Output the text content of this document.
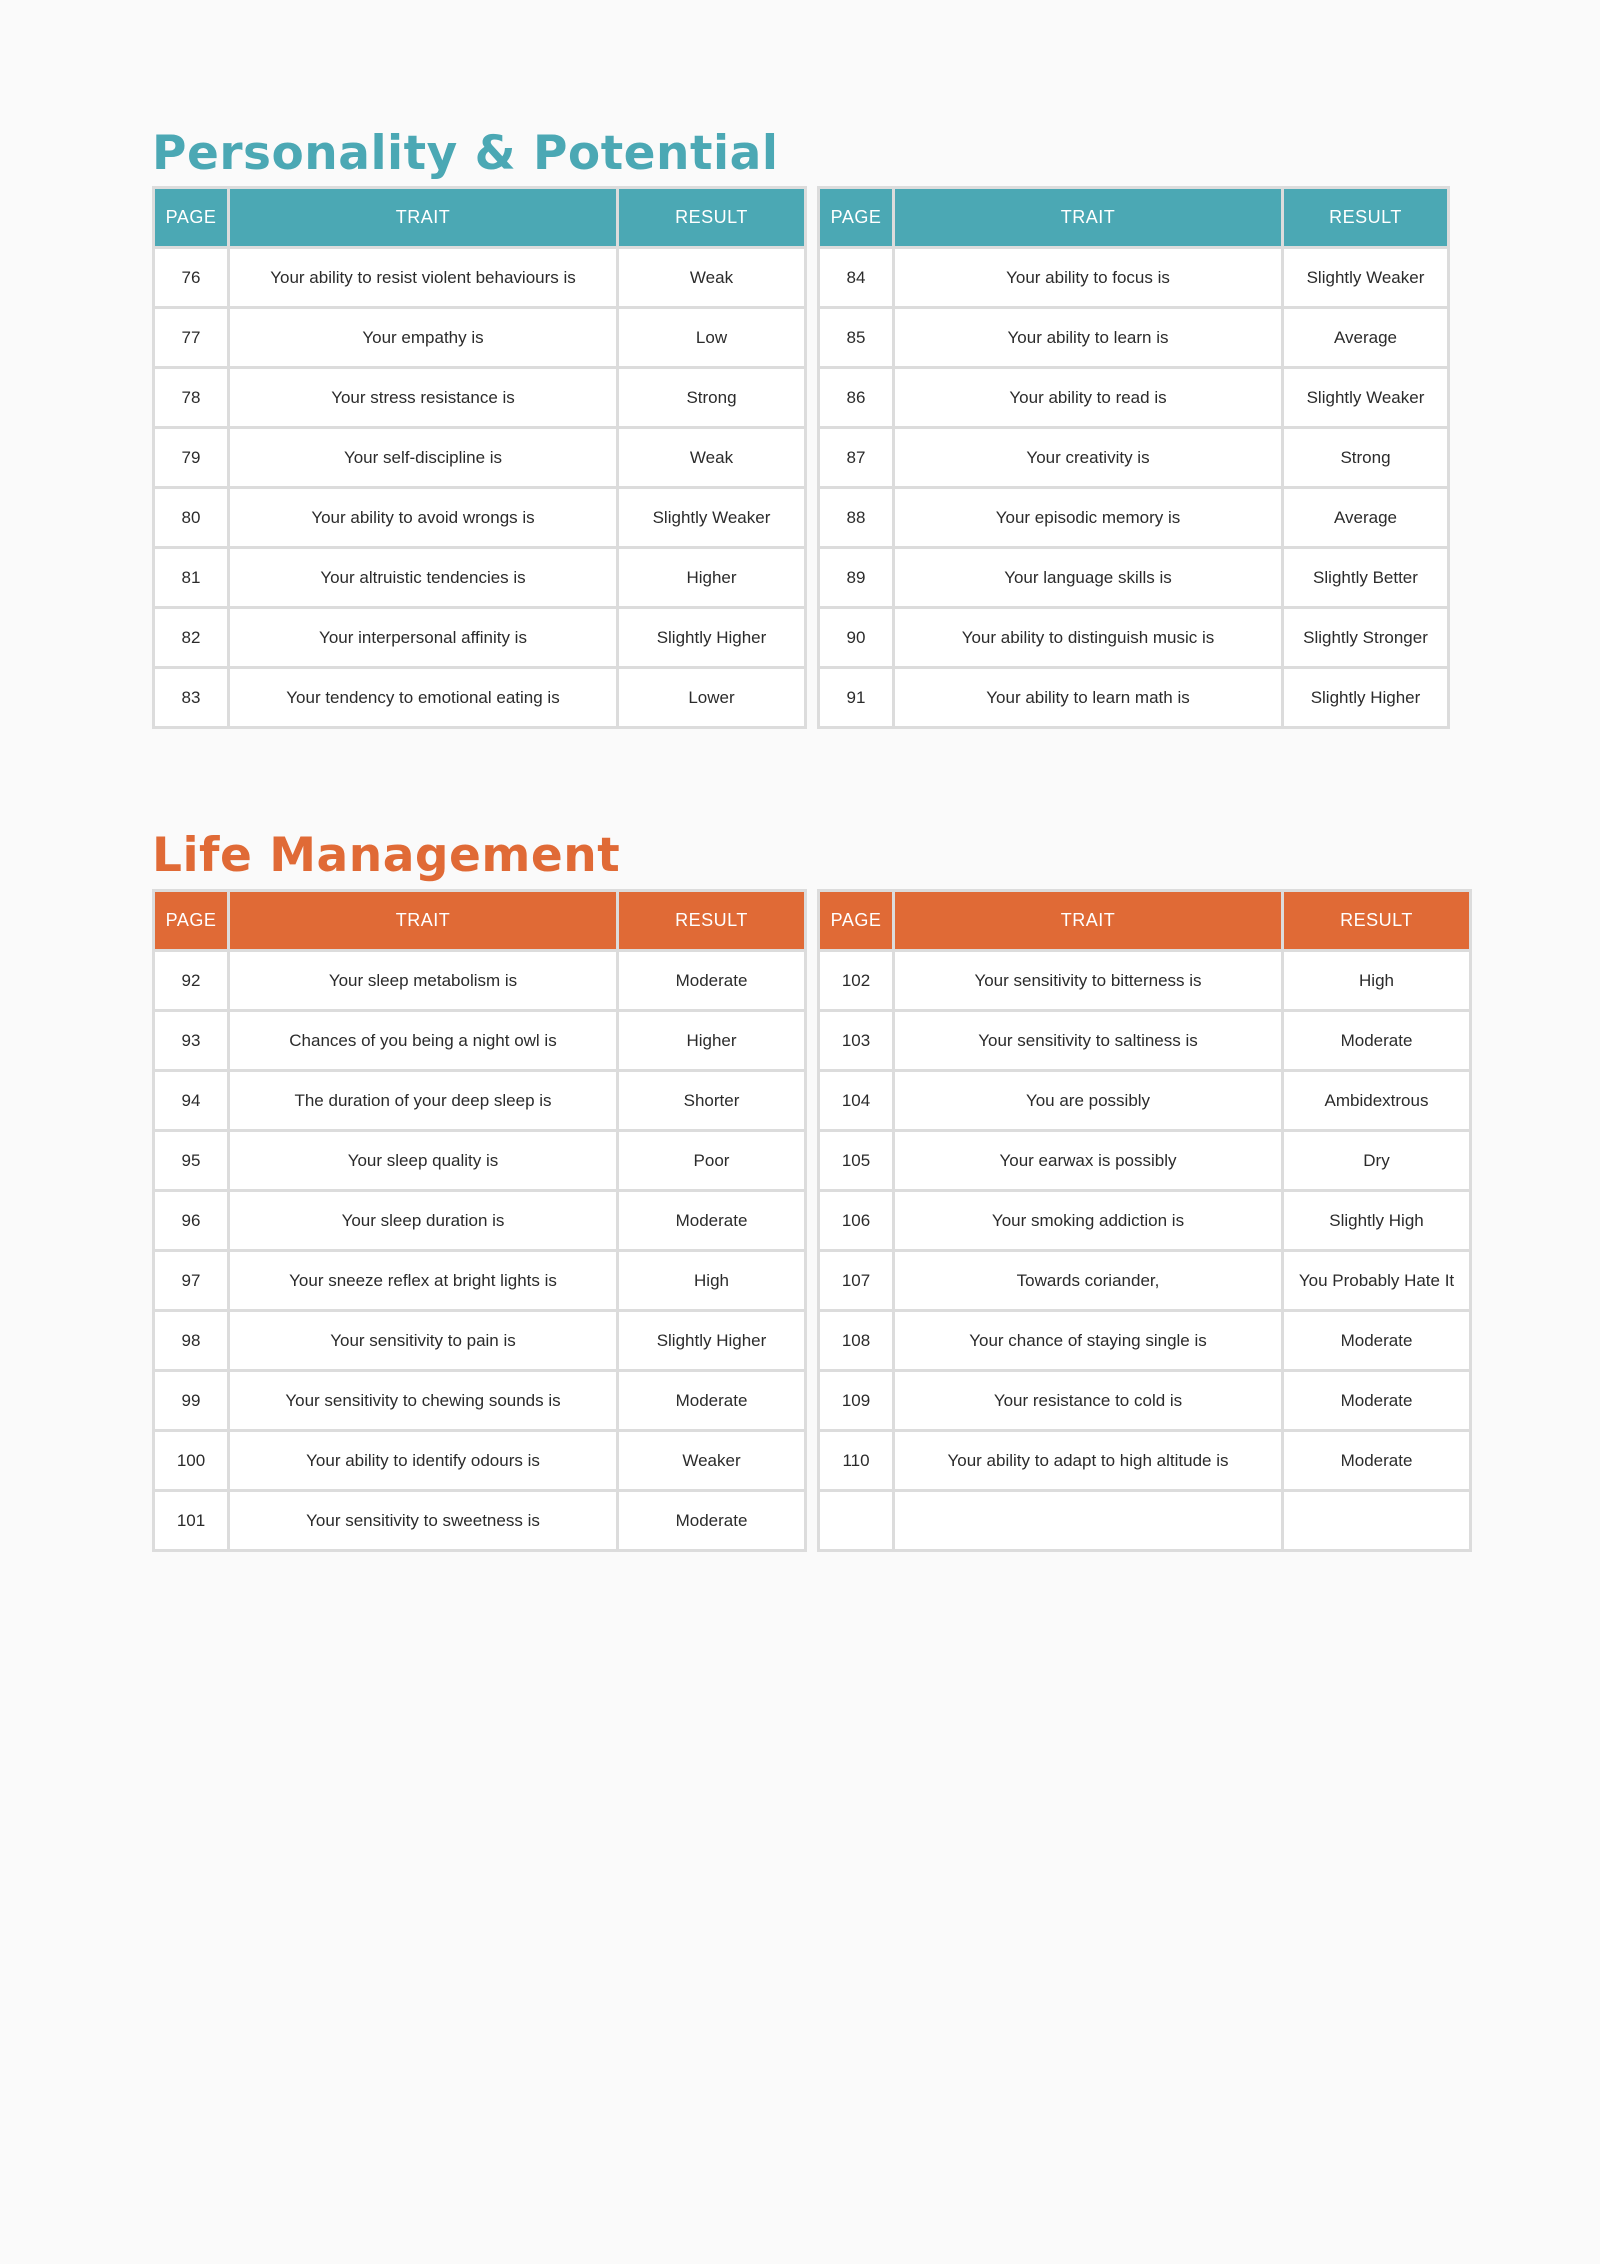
Personality & Potential
Life Management
PAGE	TRAIT	RESULT
76	Your ability to resist violent behaviours is	Weak
77	Your empathy is	Low
78	Your stress resistance is	Strong
79	Your self-discipline is	Weak
80	Your ability to avoid wrongs is	Slightly Weaker
81	Your altruistic tendencies is	Higher
82	Your interpersonal affinity is	Slightly Higher
83	Your tendency to emotional eating is	Lower
PAGE	TRAIT	RESULT
84	Your ability to focus is	Slightly Weaker
85	Your ability to learn is	Average
86	Your ability to read is	Slightly Weaker
87	Your creativity is	Strong
88	Your episodic memory is	Average
89	Your language skills is	Slightly Better
90	Your ability to distinguish music is	Slightly Stronger
91	Your ability to learn math is	Slightly Higher
PAGE	TRAIT	RESULT
92	Your sleep metabolism is	Moderate
93	Chances of you being a night owl is	Higher
94	The duration of your deep sleep is	Shorter
95	Your sleep quality is	Poor
96	Your sleep duration is	Moderate
97	Your sneeze reflex at bright lights is	High
98	Your sensitivity to pain is	Slightly Higher
99	Your sensitivity to chewing sounds is	Moderate
100	Your ability to identify odours is	Weaker
101	Your sensitivity to sweetness is	Moderate
PAGE	TRAIT	RESULT
102	Your sensitivity to bitterness is	High
103	Your sensitivity to saltiness is	Moderate
104	You are possibly	Ambidextrous
105	Your earwax is possibly	Dry
106	Your smoking addiction is	Slightly High
107	Towards coriander,	You Probably Hate It
108	Your chance of staying single is	Moderate
109	Your resistance to cold is	Moderate
110	Your ability to adapt to high altitude is	Moderate
